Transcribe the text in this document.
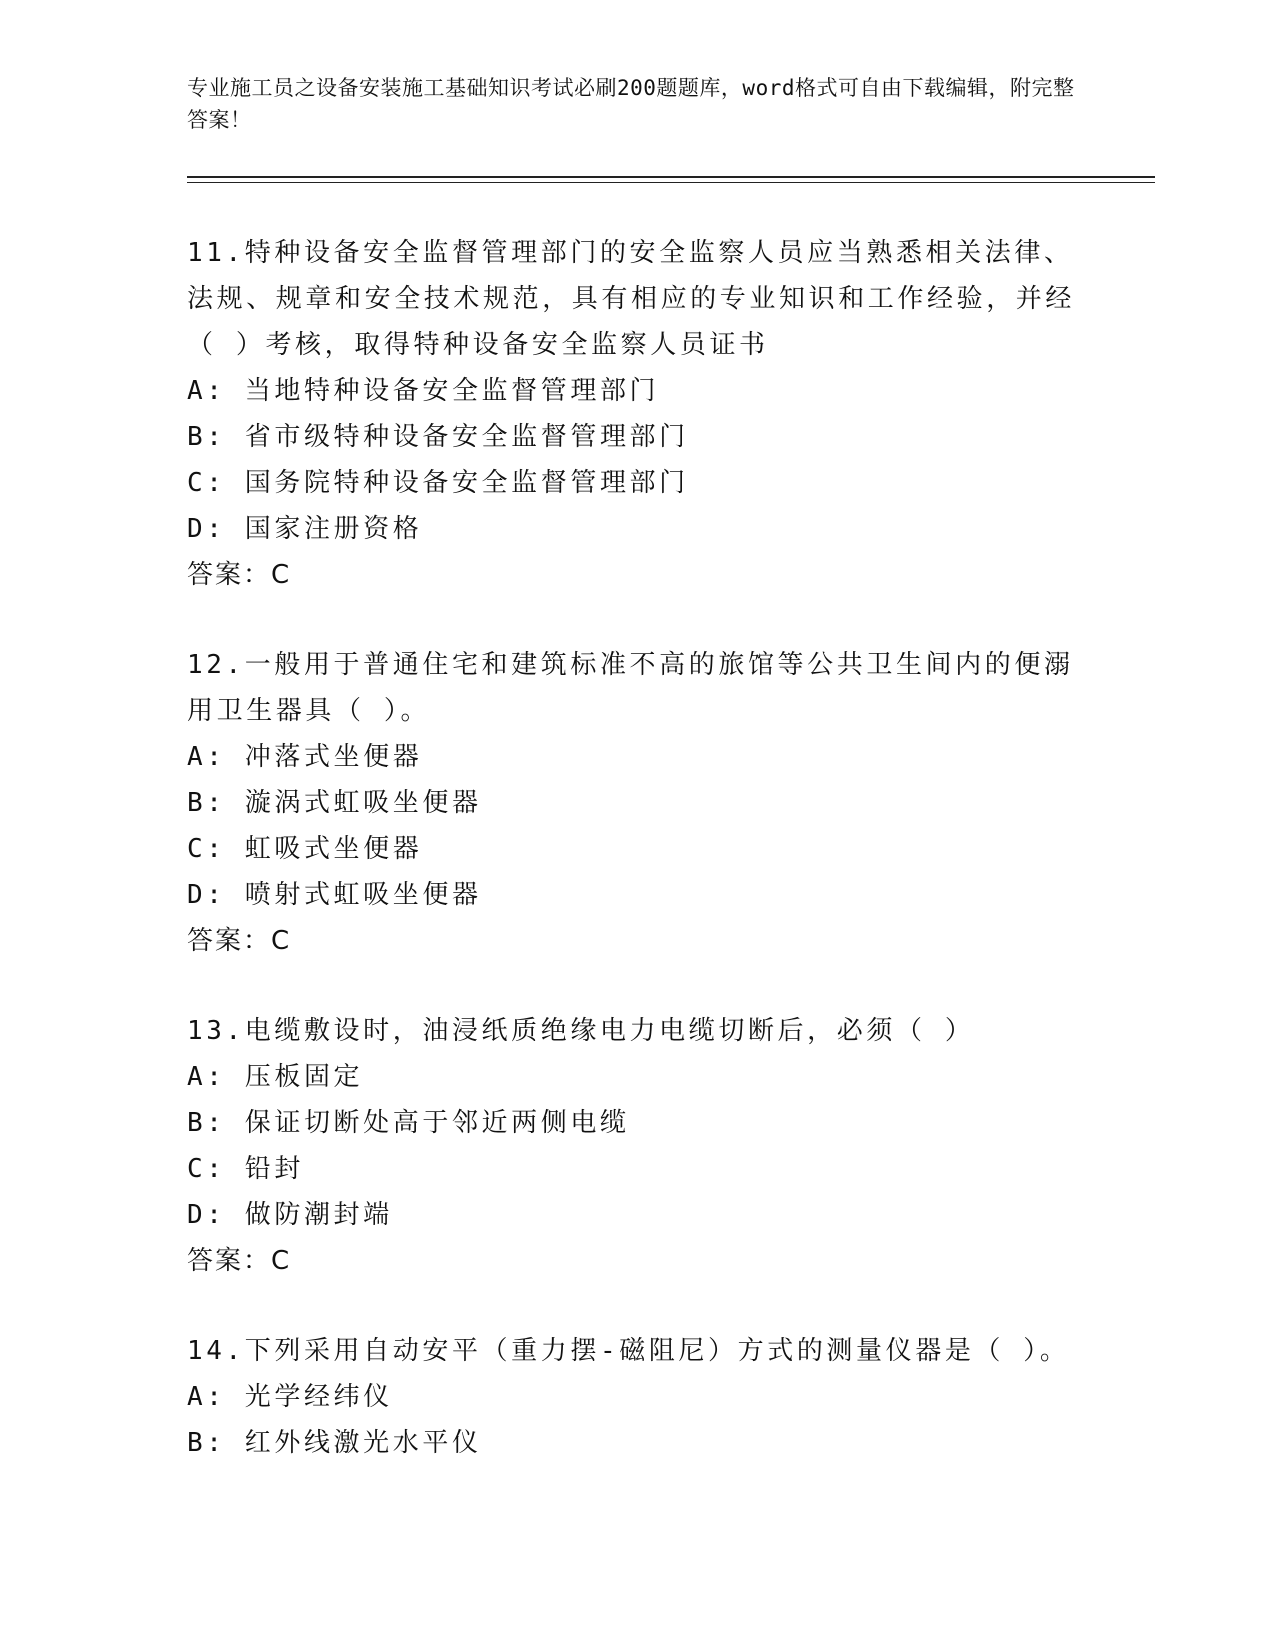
专业施工员之设备安装施工基础知识考试必刷200题题库，word格式可自由下载编辑，附完整答案！

11.特种设备安全监督管理部门的安全监察人员应当熟悉相关法律、法规、规章和安全技术规范，具有相应的专业知识和工作经验，并经（ ）考核，取得特种设备安全监察人员证书

A: 当地特种设备安全监督管理部门

B: 省市级特种设备安全监督管理部门

C: 国务院特种设备安全监督管理部门

D: 国家注册资格

答案：C

12.一般用于普通住宅和建筑标准不高的旅馆等公共卫生间内的便溺用卫生器具（ ）。

A: 冲落式坐便器

B: 漩涡式虹吸坐便器

C: 虹吸式坐便器

D: 喷射式虹吸坐便器

答案：C

13.电缆敷设时，油浸纸质绝缘电力电缆切断后，必须（ ）

A: 压板固定

B: 保证切断处高于邻近两侧电缆

C: 铅封

D: 做防潮封端

答案：C

14.下列采用自动安平（重力摆-磁阻尼）方式的测量仪器是（ ）。

A: 光学经纬仪

B: 红外线激光水平仪
